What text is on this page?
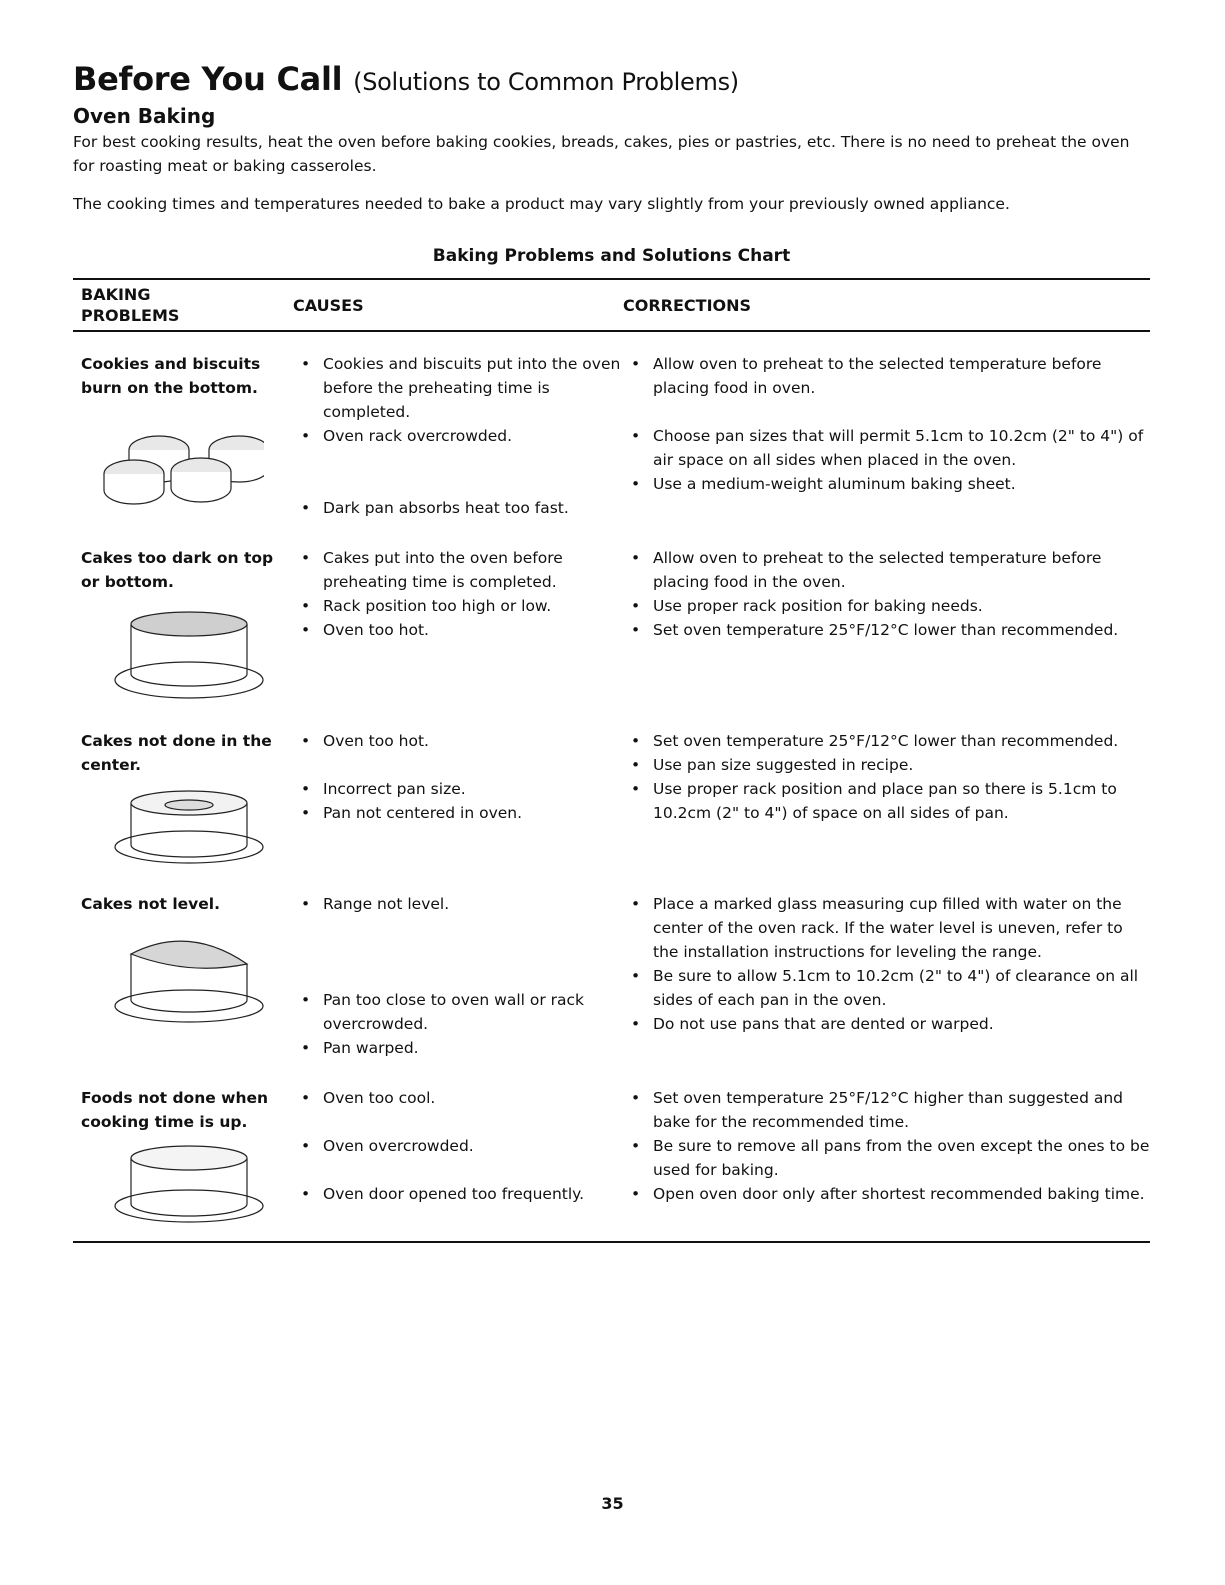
Before You Call (Solutions to Common Problems)
Oven Baking

For best cooking results, heat the oven before baking cookies, breads, cakes, pies or pastries, etc. There is no need to preheat the oven for roasting meat or baking casseroles.

The cooking times and temperatures needed to bake a product may vary slightly from your previously owned appliance.

Baking Problems and Solutions Chart
BAKING
PROBLEMS
CAUSES	CORRECTIONS
Cookies and biscuits burn on the bottom.
• Cookies and biscuits put into the oven before the preheating time is completed.
• Oven rack overcrowded.
• Dark pan absorbs heat too fast.
• Allow oven to preheat to the selected temperature before placing food in oven.
• Choose pan sizes that will permit 5.1cm to 10.2cm (2" to 4") of air space on all sides when placed in the oven.
• Use a medium-weight aluminum baking sheet.
Cakes too dark on top or bottom.
• Cakes put into the oven before preheating time is completed.
• Rack position too high or low.
• Oven too hot.
• Allow oven to preheat to the selected temperature before placing food in the oven.
• Use proper rack position for baking needs.
• Set oven temperature 25°F/12°C lower than recommended.
Cakes not done in the center.
• Oven too hot.
• Incorrect pan size.
• Pan not centered in oven.
• Set oven temperature 25°F/12°C lower than recommended.
• Use pan size suggested in recipe.
• Use proper rack position and place pan so there is 5.1cm to 10.2cm (2" to 4") of space on all sides of pan.
Cakes not level.
•	Range not level.
• Pan too close to oven wall or rack overcrowded.
• Pan warped.
• Place a marked glass measuring cup filled with water on the center of the oven rack. If the water level is uneven, refer to the installation instructions for leveling the range.
• Be sure to allow 5.1cm to 10.2cm (2" to 4") of clearance on all sides of each pan in the oven.
• Do not use pans that are dented or warped.
Foods not done when cooking time is up.
• Oven too cool.
• Oven overcrowded.
• Oven door opened too frequently.
• Set oven temperature 25°F/12°C higher than suggested and bake for the recommended time.
• Be sure to remove all pans from the oven except the ones to be used for baking.
• Open oven door only after shortest recommended baking time.
35
